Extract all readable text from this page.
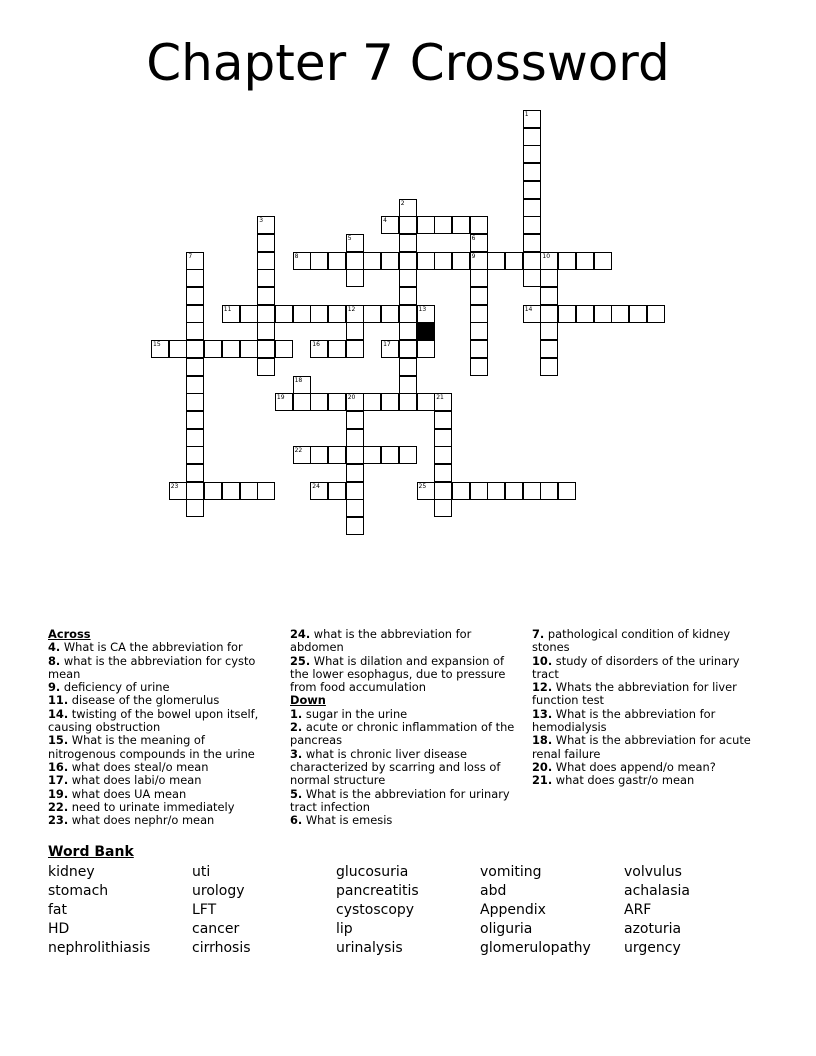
Chapter 7 Crossword
1
2
3	4
5	6
9
7	8	10
11	12	13	14
15	16	17
18
19	20	21
22
23	24	25
Across
4. What is CA the abbreviation for
8. what is the abbreviation for cysto mean
9. deficiency of urine
11. disease of the glomerulus
14. twisting of the bowel upon itself, causing obstruction
15. What is the meaning of nitrogenous compounds in the urine
16. what does steal/o mean
17. what does labi/o mean
19. what does UA mean
22. need to urinate immediately
23. what does nephr/o mean
24. what is the abbreviation for abdomen
25. What is dilation and expansion of the lower esophagus, due to pressure from food accumulation
Down
1. sugar in the urine
2. acute or chronic inflammation of the pancreas
3. what is chronic liver disease characterized by scarring and loss of normal structure
5. What is the abbreviation for urinary tract infection
6. What is emesis
7. pathological condition of kidney stones
10. study of disorders of the urinary tract
12. Whats the abbreviation for liver function test
13. What is the abbreviation for hemodialysis
18. What is the abbreviation for acute renal failure
20. What does append/o mean?
21. what does gastr/o mean
Word Bank
kidney
stomach
fat
HD
nephrolithiasis
uti
urology
LFT
cancer
cirrhosis
glucosuria
pancreatitis
cystoscopy
lip
urinalysis
vomiting
abd
Appendix
oliguria
glomerulopathy
volvulus
achalasia
ARF
azoturia
urgency
